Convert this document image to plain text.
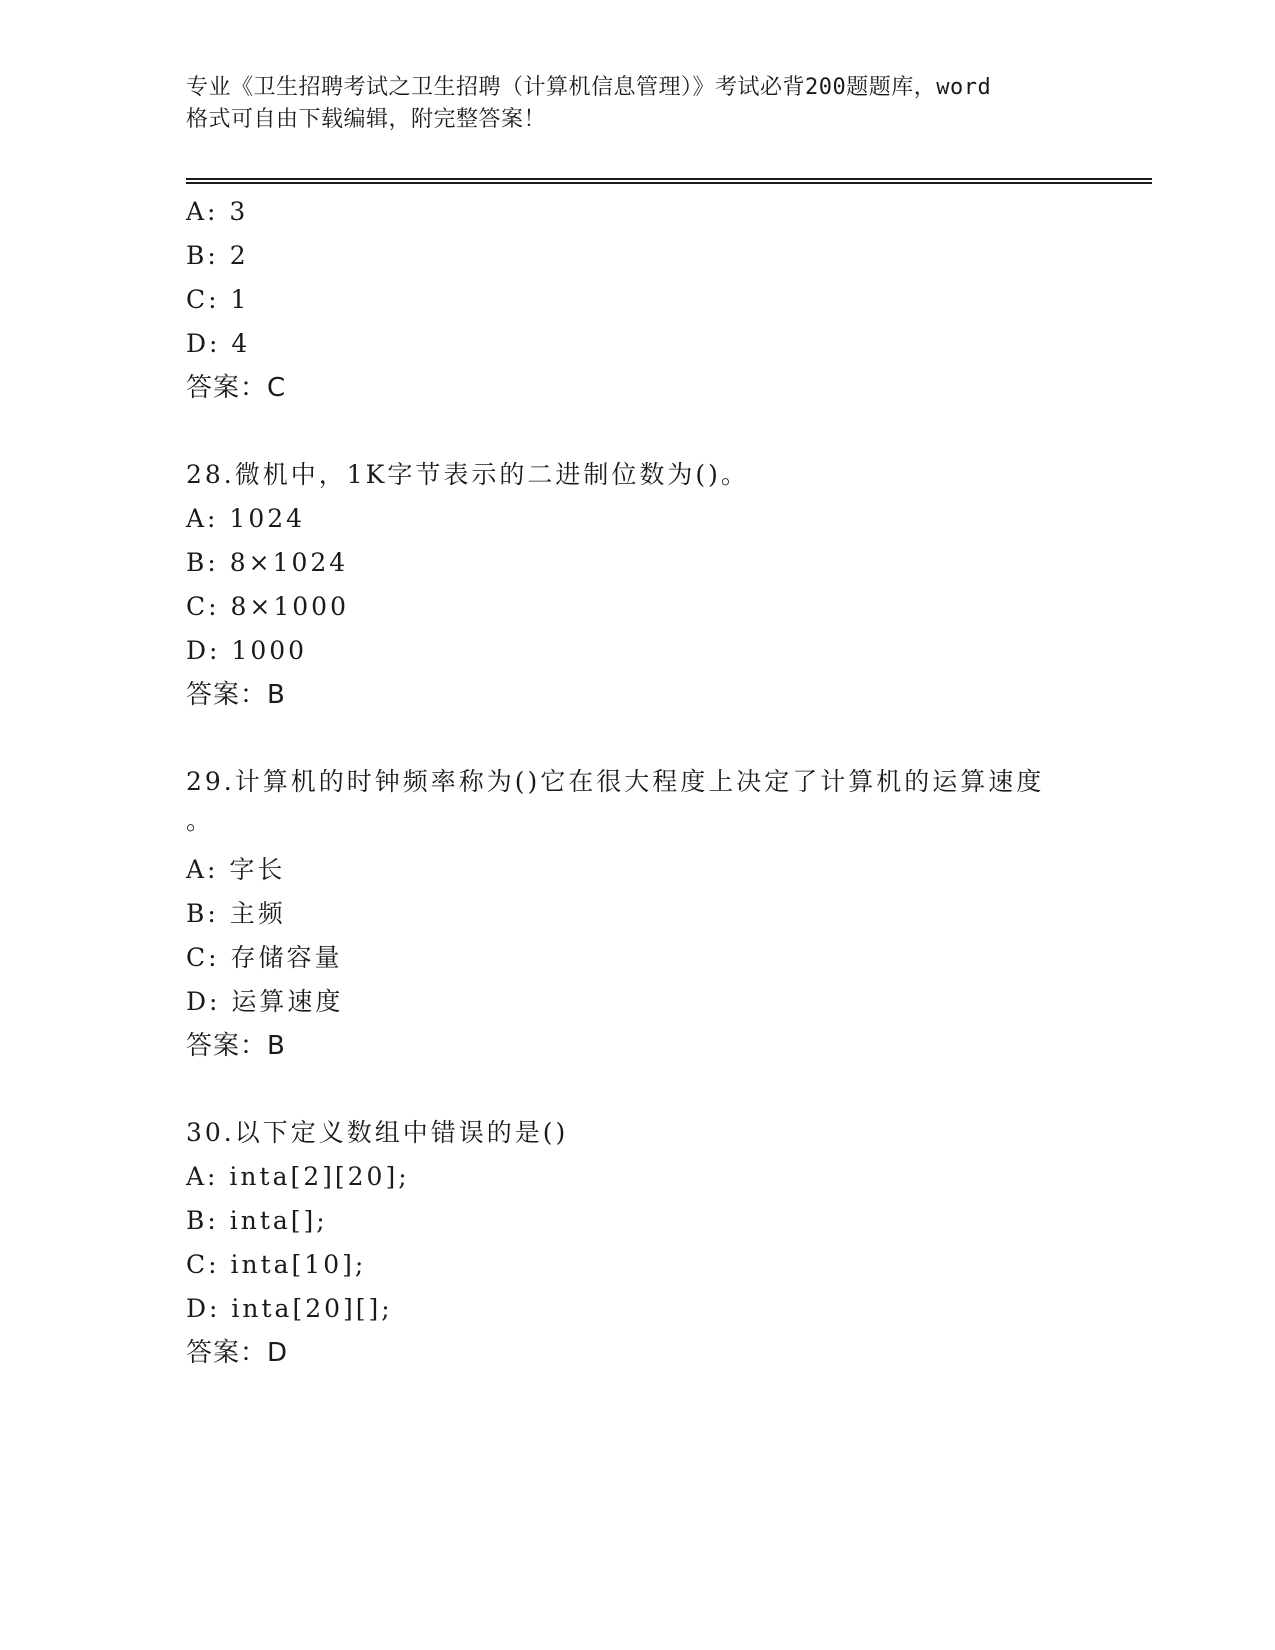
专业《卫生招聘考试之卫生招聘（计算机信息管理）》考试必背200题题库，word
格式可自由下载编辑，附完整答案！
A: 3
B: 2
C: 1
D: 4
答案：C
28.微机中，1K字节表示的二进制位数为()。
A: 1024
B: 8×1024
C: 8×1000
D: 1000
答案：B
29.计算机的时钟频率称为()它在很大程度上决定了计算机的运算速度
。
A: 字长
B: 主频
C: 存储容量
D: 运算速度
答案：B
30.以下定义数组中错误的是()
A: inta[2][20];
B: inta[];
C: inta[10];
D: inta[20][];
答案：D
